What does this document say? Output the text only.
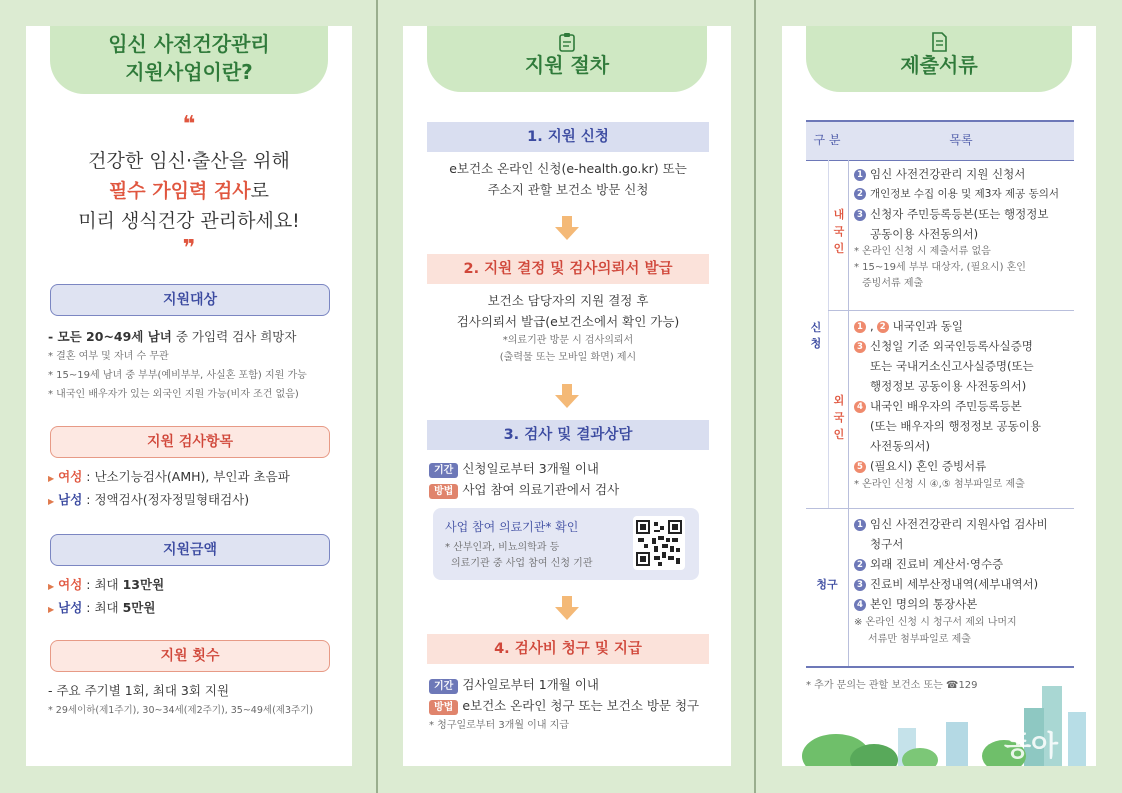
임신 사전건강관리
지원사업이란?
❝
건강한 임신·출산을 위해
필수 가임력 검사로
미리 생식건강 관리하세요!
❞
지원대상
- 모든 20~49세 남녀 중 가임력 검사 희망자
* 결혼 여부 및 자녀 수 무관
* 15~19세 남녀 중 부부(예비부부, 사실혼 포함) 지원 가능
* 내국인 배우자가 있는 외국인 지원 가능(비자 조건 없음)
지원 검사항목
▶ 여성 : 난소기능검사(AMH), 부인과 초음파
▶ 남성 : 정액검사(정자정밀형태검사)
지원금액
▶ 여성 : 최대 13만원
▶ 남성 : 최대 5만원
지원 횟수
- 주요 주기별 1회, 최대 3회 지원
* 29세이하(제1주기), 30~34세(제2주기), 35~49세(제3주기)
지원 절차
1. 지원 신청
e보건소 온라인 신청(e-health.go.kr) 또는
주소지 관할 보건소 방문 신청
2. 지원 결정 및 검사의뢰서 발급
보건소 담당자의 지원 결정 후
검사의뢰서 발급(e보건소에서 확인 가능)
*의료기관 방문 시 검사의뢰서
(출력물 또는 모바일 화면) 제시
3. 검사 및 결과상담
기간 신청일로부터 3개월 이내
방법 사업 참여 의료기관에서 검사
사업 참여 의료기관* 확인
* 산부인과, 비뇨의학과 등
의료기관 중 사업 참여 신청 기관
4. 검사비 청구 및 지급
기간 검사일로부터 1개월 이내
방법 e보건소 온라인 청구 또는 보건소 방문 청구
* 청구일로부터 3개월 이내 지급
제출서류
구 분	목록
신청
내국인
외국인
청구
1 임신 사전건강관리 지원 신청서
2 개인정보 수집 이용 및 제3자 제공 동의서
3 신청자 주민등록등본(또는 행정정보
공동이용 사전동의서)
* 온라인 신청 시 제출서류 없음
* 15~19세 부부 대상자, (필요시) 혼인
증빙서류 제출
1 , 2 내국인과 동일
3 신청일 기준 외국인등록사실증명
또는 국내거소신고사실증명(또는
행정정보 공동이용 사전동의서)
4 내국인 배우자의 주민등록등본
(또는 배우자의 행정정보 공동이용
사전동의서)
5 (필요시) 혼인 증빙서류
* 온라인 신청 시 ④,⑤ 첨부파일로 제출
1 임신 사전건강관리 지원사업 검사비
청구서
2 외래 진료비 계산서·영수증
3 진료비 세부산정내역(세부내역서)
4 본인 명의의 통장사본
※ 온라인 신청 시 청구서 제외 나머지
서류만 첨부파일로 제출
* 추가 문의는 관할 보건소 또는 ☎129
동아
